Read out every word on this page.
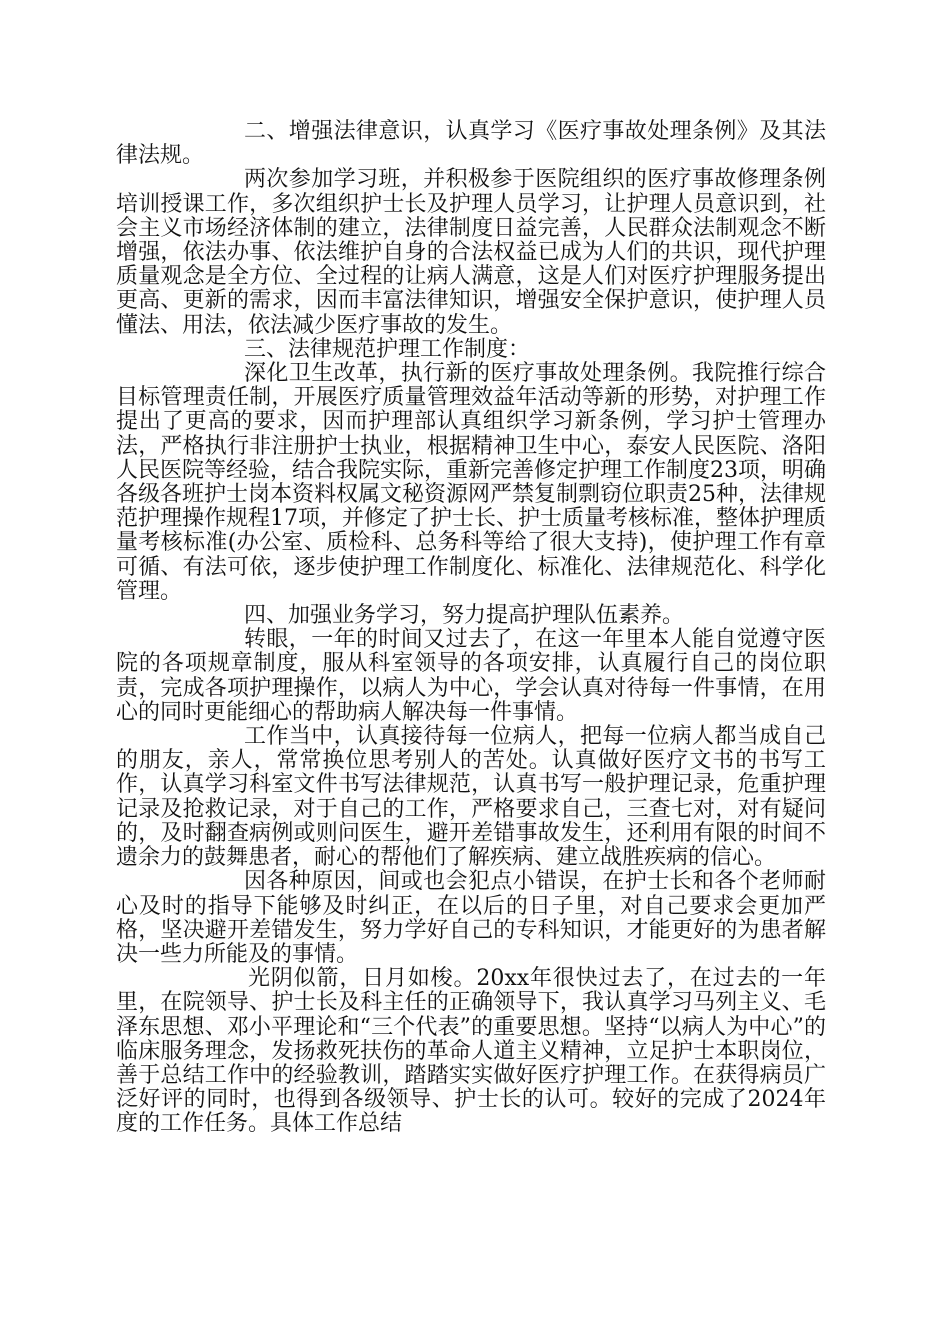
二、增强法律意识，认真学习《医疗事故处理条例》及其法律法规。

两次参加学习班，并积极参于医院组织的医疗事故修理条例培训授课工作，多次组织护士长及护理人员学习，让护理人员意识到，社会主义市场经济体制的建立，法律制度日益完善，人民群众法制观念不断增强，依法办事、依法维护自身的合法权益已成为人们的共识，现代护理质量观念是全方位、全过程的让病人满意，这是人们对医疗护理服务提出更高、更新的需求，因而丰富法律知识，增强安全保护意识，使护理人员懂法、用法，依法减少医疗事故的发生。

三、法律规范护理工作制度：

深化卫生改革，执行新的医疗事故处理条例。我院推行综合目标管理责任制，开展医疗质量管理效益年活动等新的形势，对护理工作提出了更高的要求，因而护理部认真组织学习新条例，学习护士管理办法，严格执行非注册护士执业，根据精神卫生中心，泰安人民医院、洛阳人民医院等经验，结合我院实际，重新完善修定护理工作制度23项，明确各级各班护士岗本资料权属文秘资源网严禁复制剽窃位职责25种，法律规范护理操作规程17项，并修定了护士长、护士质量考核标准，整体护理质量考核标准(办公室、质检科、总务科等给了很大支持)，使护理工作有章可循、有法可依，逐步使护理工作制度化、标准化、法律规范化、科学化管理。

四、加强业务学习，努力提高护理队伍素养。

转眼，一年的时间又过去了，在这一年里本人能自觉遵守医院的各项规章制度，服从科室领导的各项安排，认真履行自己的岗位职责，完成各项护理操作，以病人为中心，学会认真对待每一件事情，在用心的同时更能细心的帮助病人解决每一件事情。

工作当中，认真接待每一位病人，把每一位病人都当成自己的朋友，亲人，常常换位思考别人的苦处。认真做好医疗文书的书写工作，认真学习科室文件书写法律规范，认真书写一般护理记录，危重护理记录及抢救记录，对于自己的工作，严格要求自己，三查七对，对有疑问的，及时翻查病例或则问医生，避开差错事故发生，还利用有限的时间不遗余力的鼓舞患者，耐心的帮他们了解疾病、建立战胜疾病的信心。

因各种原因，间或也会犯点小错误，在护士长和各个老师耐心及时的指导下能够及时纠正，在以后的日子里，对自己要求会更加严格，坚决避开差错发生，努力学好自己的专科知识，才能更好的为患者解决一些力所能及的事情。

光阴似箭，日月如梭。20xx年很快过去了，在过去的一年里，在院领导、护士长及科主任的正确领导下，我认真学习马列主义、毛泽东思想、邓小平理论和“三个代表”的重要思想。坚持“以病人为中心”的临床服务理念，发扬救死扶伤的革命人道主义精神，立足护士本职岗位，善于总结工作中的经验教训，踏踏实实做好医疗护理工作。在获得病员广泛好评的同时，也得到各级领导、护士长的认可。较好的完成了2024年度的工作任务。具体工作总结
